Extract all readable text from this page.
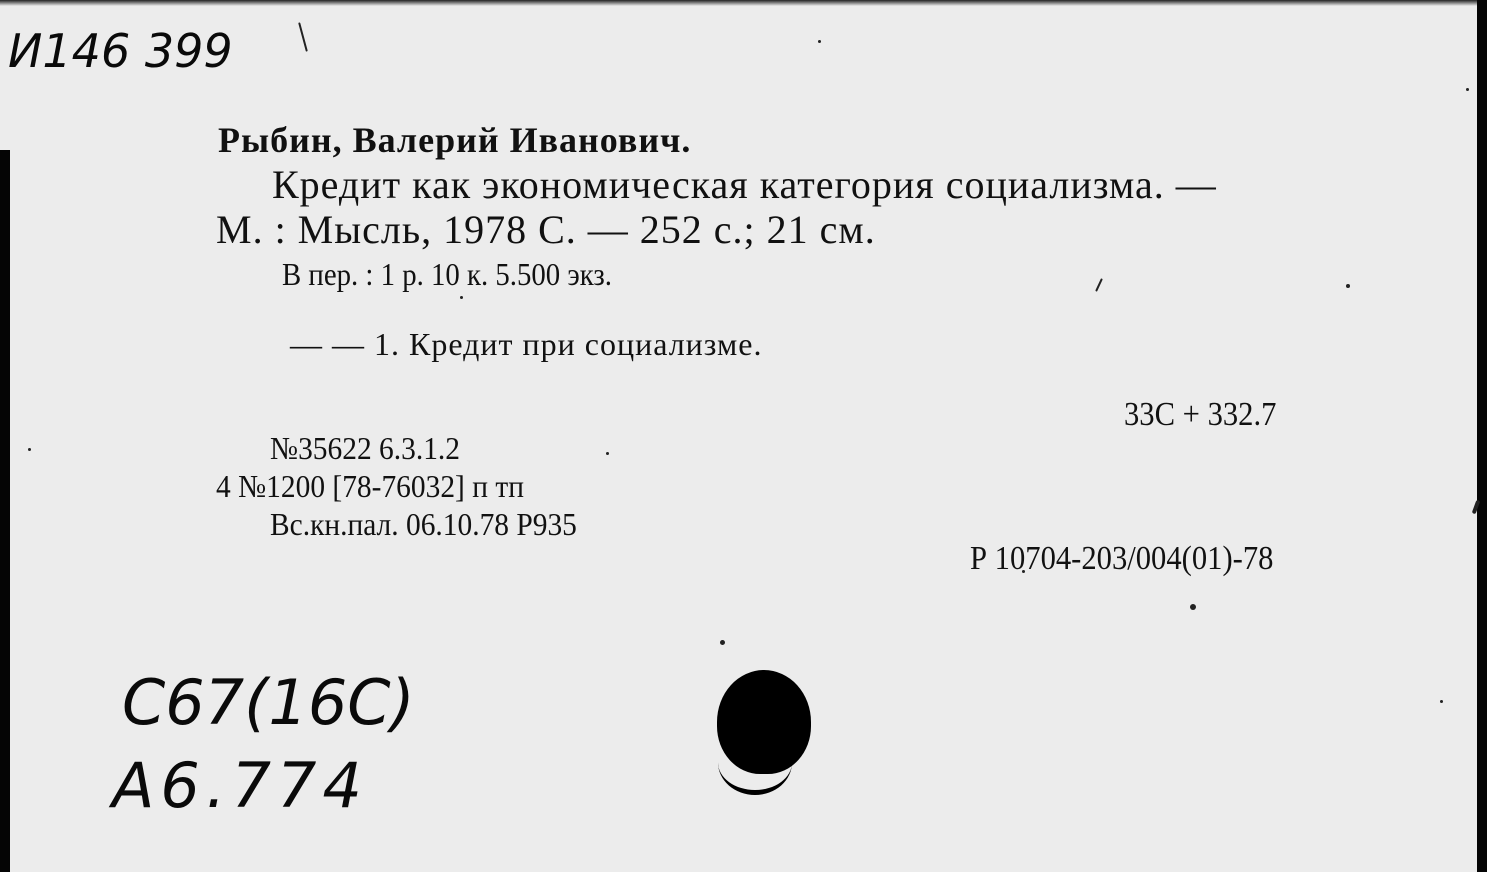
И146 399
Рыбин, Валерий Иванович.
Кредит как экономическая категория социализма. —
М. : Мысль, 1978 С. — 252 с.; 21 см.
В пер. : 1 р. 10 к. 5.500 экз.
— — 1. Кредит при социализме.
33С + 332.7
№35622 6.3.1.2
4 №1200 [78-76032] п тп
Вс.кн.пал. 06.10.78 Р935
Р 10704-203/004(01)-78
С67(16С)
А6.774
